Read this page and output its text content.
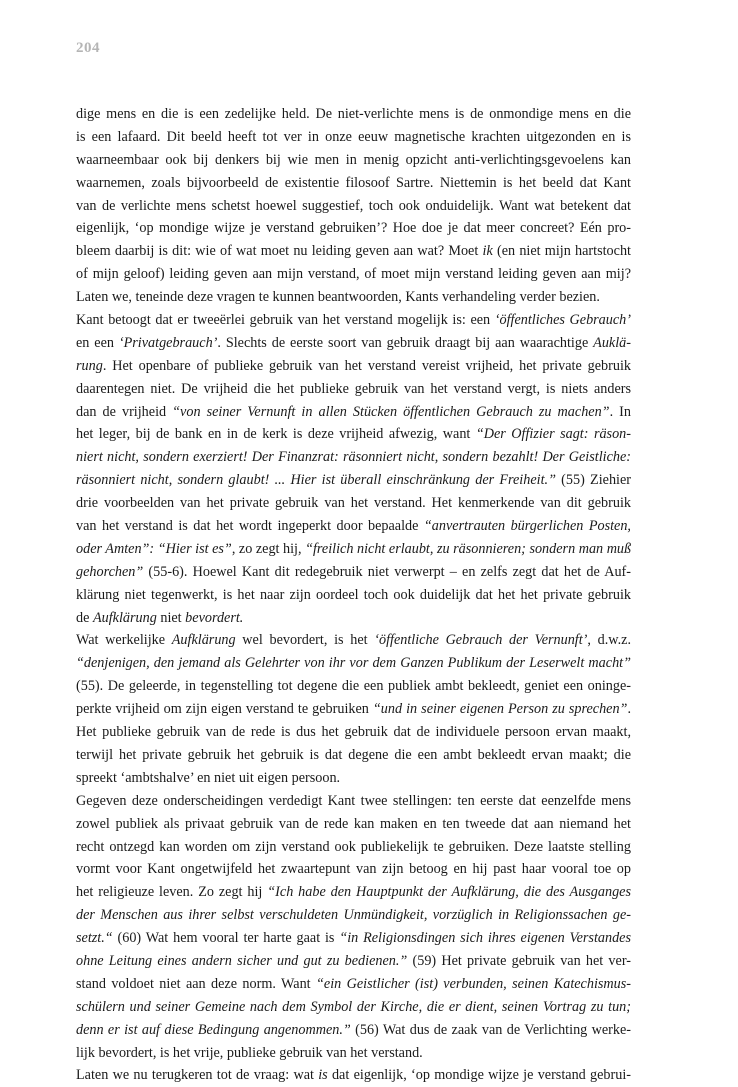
204
dige mens en die is een zedelijke held. De niet-verlichte mens is de onmondige mens en die
is een lafaard. Dit beeld heeft tot ver in onze eeuw magnetische krachten uitgezonden en is
waarneembaar ook bij denkers bij wie men in menig opzicht anti-verlichtingsgevoelens kan
waarnemen, zoals bijvoorbeeld de existentie filosoof Sartre. Niettemin is het beeld dat Kant
van de verlichte mens schetst hoewel suggestief, toch ook onduidelijk. Want wat betekent dat
eigenlijk, ‘op mondige wijze je verstand gebruiken’? Hoe doe je dat meer concreet? Eén pro-
bleem daarbij is dit: wie of wat moet nu leiding geven aan wat? Moet ik (en niet mijn hartstocht
of mijn geloof) leiding geven aan mijn verstand, of moet mijn verstand leiding geven aan mij?
Laten we, teneinde deze vragen te kunnen beantwoorden, Kants verhandeling verder bezien.
Kant betoogt dat er tweeërlei gebruik van het verstand mogelijk is: een ‘öffentliches Gebrauch’
en een ‘Privatgebrauch’. Slechts de eerste soort van gebruik draagt bij aan waarachtige Auklä-
rung. Het openbare of publieke gebruik van het verstand vereist vrijheid, het private gebruik
daarentegen niet. De vrijheid die het publieke gebruik van het verstand vergt, is niets anders
dan de vrijheid “von seiner Vernunft in allen Stücken öffentlichen Gebrauch zu machen”. In
het leger, bij de bank en in de kerk is deze vrijheid afwezig, want “Der Offizier sagt: räson-
niert nicht, sondern exerziert! Der Finanzrat: räsonniert nicht, sondern bezahlt! Der Geistliche:
räsonniert nicht, sondern glaubt! ... Hier ist überall einschränkung der Freiheit.” (55) Ziehier
drie voorbeelden van het private gebruik van het verstand. Het kenmerkende van dit gebruik
van het verstand is dat het wordt ingeperkt door bepaalde “anvertrauten bürgerlichen Posten,
oder Amten”: “Hier ist es”, zo zegt hij, “freilich nicht erlaubt, zu räsonnieren; sondern man muß
gehorchen” (55-6). Hoewel Kant dit redegebruik niet verwerpt – en zelfs zegt dat het de Auf-
klärung niet tegenwerkt, is het naar zijn oordeel toch ook duidelijk dat het het private gebruik
de Aufklärung niet bevordert.
Wat werkelijke Aufklärung wel bevordert, is het ‘öffentliche Gebrauch der Vernunft’, d.w.z.
“denjenigen, den jemand als Gelehrter von ihr vor dem Ganzen Publikum der Leserwelt macht”
(55). De geleerde, in tegenstelling tot degene die een publiek ambt bekleedt, geniet een oninge-
perkte vrijheid om zijn eigen verstand te gebruiken “und in seiner eigenen Person zu sprechen”.
Het publieke gebruik van de rede is dus het gebruik dat de individuele persoon ervan maakt,
terwijl het private gebruik het gebruik is dat degene die een ambt bekleedt ervan maakt; die
spreekt ‘ambtshalve’ en niet uit eigen persoon.
Gegeven deze onderscheidingen verdedigt Kant twee stellingen: ten eerste dat eenzelfde mens
zowel publiek als privaat gebruik van de rede kan maken en ten tweede dat aan niemand het
recht ontzegd kan worden om zijn verstand ook publiekelijk te gebruiken. Deze laatste stelling
vormt voor Kant ongetwijfeld het zwaartepunt van zijn betoog en hij past haar vooral toe op
het religieuze leven. Zo zegt hij “Ich habe den Hauptpunkt der Aufklärung, die des Ausganges
der Menschen aus ihrer selbst verschuldeten Unmündigkeit, vorzüglich in Religionssachen ge-
setzt.“ (60) Wat hem vooral ter harte gaat is “in Religionsdingen sich ihres eigenen Verstandes
ohne Leitung eines andern sicher und gut zu bedienen.” (59) Het private gebruik van het ver-
stand voldoet niet aan deze norm. Want “ein Geistlicher (ist) verbunden, seinen Katechismus-
schülern und seiner Gemeine nach dem Symbol der Kirche, die er dient, seinen Vortrag zu tun;
denn er ist auf diese Bedingung angenommen.” (56) Wat dus de zaak van de Verlichting werke-
lijk bevordert, is het vrije, publieke gebruik van het verstand.
Laten we nu terugkeren tot de vraag: wat is dat eigenlijk, ‘op mondige wijze je verstand gebrui-
